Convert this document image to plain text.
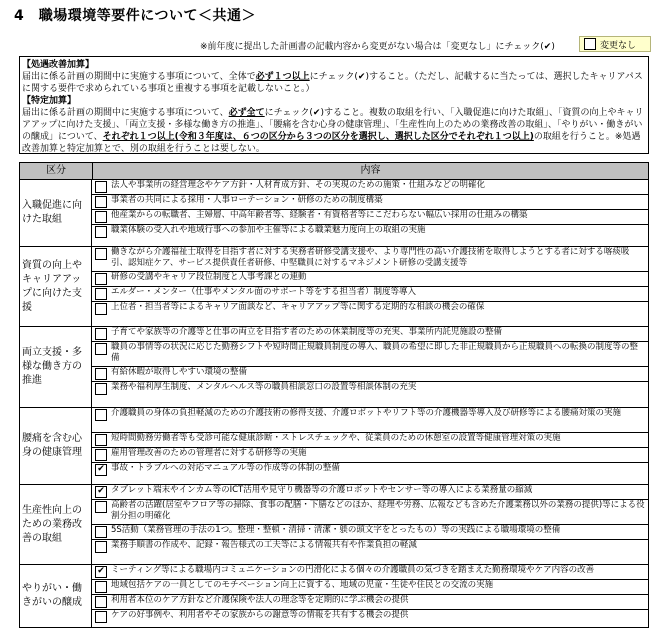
4　職場環境等要件について＜共通＞
※前年度に提出した計画書の記載内容から変更がない場合は「変更なし」にチェック(✔)	変更なし

【処遇改善加算】

届出に係る計画の期間中に実施する事項について、全体で必ず１つ以上にチェック(✔)すること。（ただし、記載するに当たっては、選択したキャリアパスに関する要件で求められている事項と重複する事項を記載しないこと。）

【特定加算】

届出に係る計画の期間中に実施する事項について、必ず全てにチェック(✔)すること。複数の取組を行い、「入職促進に向けた取組」、「資質の向上やキャリアアップに向けた支援」、「両立支援・多様な働き方の推進」、「腰痛を含む心身の健康管理」、「生産性向上のための業務改善の取組」、「やりがい・働きがいの醸成」について、それぞれ１つ以上(令和３年度は、６つの区分から３つの区分を選択し、選択した区分でそれぞれ１つ以上)の取組を行うこと。※処遇改善加算と特定加算とで、別の取組を行うことは要しない。

区分	内容
入職促進に向けた取組
法人や事業所の経営理念やケア方針・人材育成方針、その実現のための施策・仕組みなどの明確化
事業者の共同による採用・人事ローテーション・研修のための制度構築
他産業からの転職者、主婦層、中高年齢者等、経験者・有資格者等にこだわらない幅広い採用の仕組みの構築
職業体験の受入れや地域行事への参加や主催等による職業魅力度向上の取組の実施
資質の向上やキャリアアップに向けた支援
働きながら介護福祉士取得を目指す者に対する実務者研修受講支援や、より専門性の高い介護技術を取得しようとする者に対する喀痰吸引、認知症ケア、サービス提供責任者研修、中堅職員に対するマネジメント研修の受講支援等
研修の受講やキャリア段位制度と人事考課との連動
エルダー・メンター（仕事やメンタル面のサポート等をする担当者）制度等導入
上位者・担当者等によるキャリア面談など、キャリアアップ等に関する定期的な相談の機会の確保
両立支援・多様な働き方の推進
子育てや家族等の介護等と仕事の両立を目指す者のための休業制度等の充実、事業所内託児施設の整備
職員の事情等の状況に応じた勤務シフトや短時間正規職員制度の導入、職員の希望に即した非正規職員から正規職員への転換の制度等の整備
有給休暇が取得しやすい環境の整備
業務や福利厚生制度、メンタルヘルス等の職員相談窓口の設置等相談体制の充実
腰痛を含む心身の健康管理
介護職員の身体の負担軽減のための介護技術の修得支援、介護ロボットやリフト等の介護機器等導入及び研修等による腰痛対策の実施
短時間勤務労働者等も受診可能な健康診断・ストレスチェックや、従業員のための休憩室の設置等健康管理対策の実施
雇用管理改善のための管理者に対する研修等の実施
✔ 事故・トラブルへの対応マニュアル等の作成等の体制の整備
生産性向上のための業務改善の取組
✔ タブレット端末やインカム等のICT活用や見守り機器等の介護ロボットやセンサー等の導入による業務量の縮減
高齢者の活躍(居室やフロア等の掃除、食事の配膳・下膳などのほか、経理や労務、広報なども含めた介護業務以外の業務の提供)等による役割分担の明確化
5S活動（業務管理の手法の1つ。整理・整頓・清掃・清潔・躾の頭文字をとったもの）等の実践による職場環境の整備
業務手順書の作成や、記録・報告様式の工夫等による情報共有や作業負担の軽減
やりがい・働きがいの醸成
✔ ミーティング等による職場内コミュニケーションの円滑化による個々の介護職員の気づきを踏まえた勤務環境やケア内容の改善
地域包括ケアの一員としてのモチベーション向上に資する、地域の児童・生徒や住民との交流の実施
利用者本位のケア方針など介護保険や法人の理念等を定期的に学ぶ機会の提供
ケアの好事例や、利用者やその家族からの謝意等の情報を共有する機会の提供
